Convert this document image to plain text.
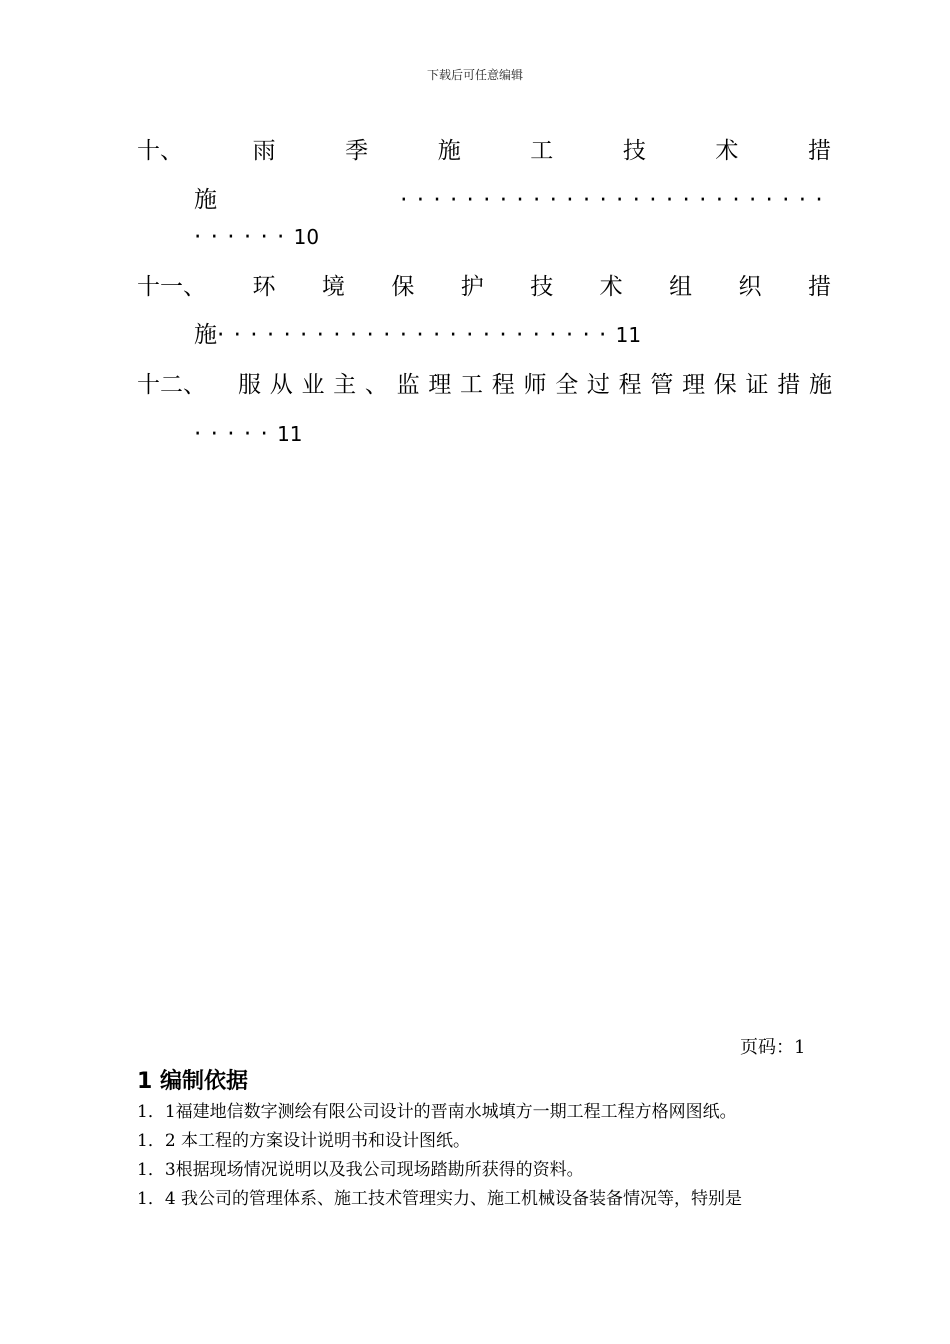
下载后可任意编辑
十、	雨	季	施	工	技	术	措
施	··························
······10
十一、 环 境 保 护 技 术 组 织 措
施························11
十二、 服 从 业 主 、 监 理 工 程 师 全 过 程 管 理 保 证 措 施
·····11
页码：1
1 编制依据
1．1福建地信数字测绘有限公司设计的晋南水城填方一期工程工程方格网图纸。
1．2 本工程的方案设计说明书和设计图纸。
1．3根据现场情况说明以及我公司现场踏勘所获得的资料。
1．4 我公司的管理体系、施工技术管理实力、施工机械设备装备情况等，特别是
